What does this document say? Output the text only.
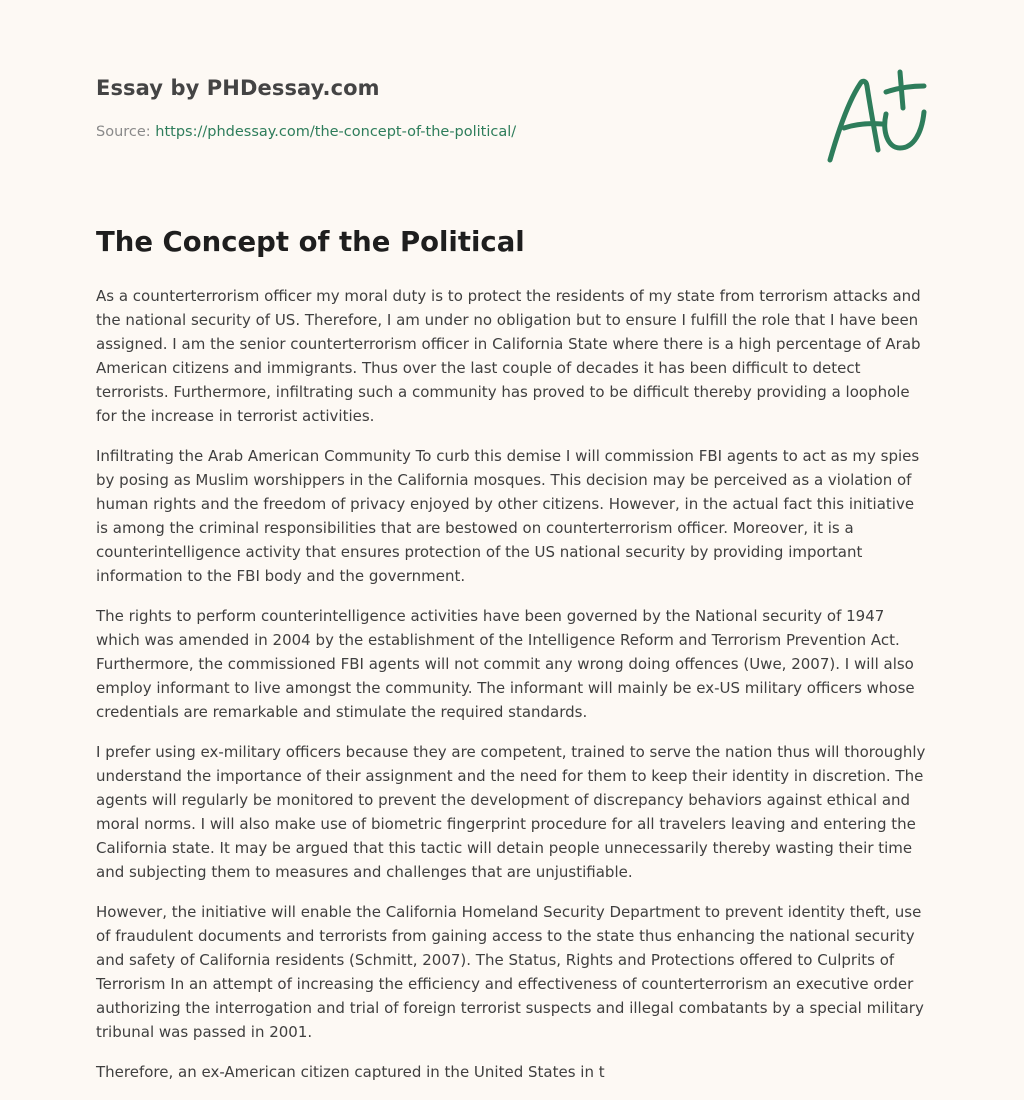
Essay by PHDessay.com
Source: https://phdessay.com/the-concept-of-the-political/
The Concept of the Political

As a counterterrorism officer my moral duty is to protect the residents of my state from terrorism attacks and the national security of US. Therefore, I am under no obligation but to ensure I fulfill the role that I have been assigned. I am the senior counterterrorism officer in California State where there is a high percentage of Arab American citizens and immigrants. Thus over the last couple of decades it has been difficult to detect terrorists. Furthermore, infiltrating such a community has proved to be difficult thereby providing a loophole for the increase in terrorist activities.

Infiltrating the Arab American Community To curb this demise I will commission FBI agents to act as my spies by posing as Muslim worshippers in the California mosques. This decision may be perceived as a violation of human rights and the freedom of privacy enjoyed by other citizens. However, in the actual fact this initiative is among the criminal responsibilities that are bestowed on counterterrorism officer. Moreover, it is a counterintelligence activity that ensures protection of the US national security by providing important information to the FBI body and the government.

The rights to perform counterintelligence activities have been governed by the National security of 1947 which was amended in 2004 by the establishment of the Intelligence Reform and Terrorism Prevention Act. Furthermore, the commissioned FBI agents will not commit any wrong doing offences (Uwe, 2007). I will also employ informant to live amongst the community. The informant will mainly be ex-US military officers whose credentials are remarkable and stimulate the required standards.

I prefer using ex-military officers because they are competent, trained to serve the nation thus will thoroughly understand the importance of their assignment and the need for them to keep their identity in discretion. The agents will regularly be monitored to prevent the development of discrepancy behaviors against ethical and moral norms. I will also make use of biometric fingerprint procedure for all travelers leaving and entering the California state. It may be argued that this tactic will detain people unnecessarily thereby wasting their time and subjecting them to measures and challenges that are unjustifiable.

However, the initiative will enable the California Homeland Security Department to prevent identity theft, use of fraudulent documents and terrorists from gaining access to the state thus enhancing the national security and safety of California residents (Schmitt, 2007). The Status, Rights and Protections offered to Culprits of Terrorism In an attempt of increasing the efficiency and effectiveness of counterterrorism an executive order authorizing the interrogation and trial of foreign terrorist suspects and illegal combatants by a special military tribunal was passed in 2001.

Therefore, an ex-American citizen captured in the United States in t
